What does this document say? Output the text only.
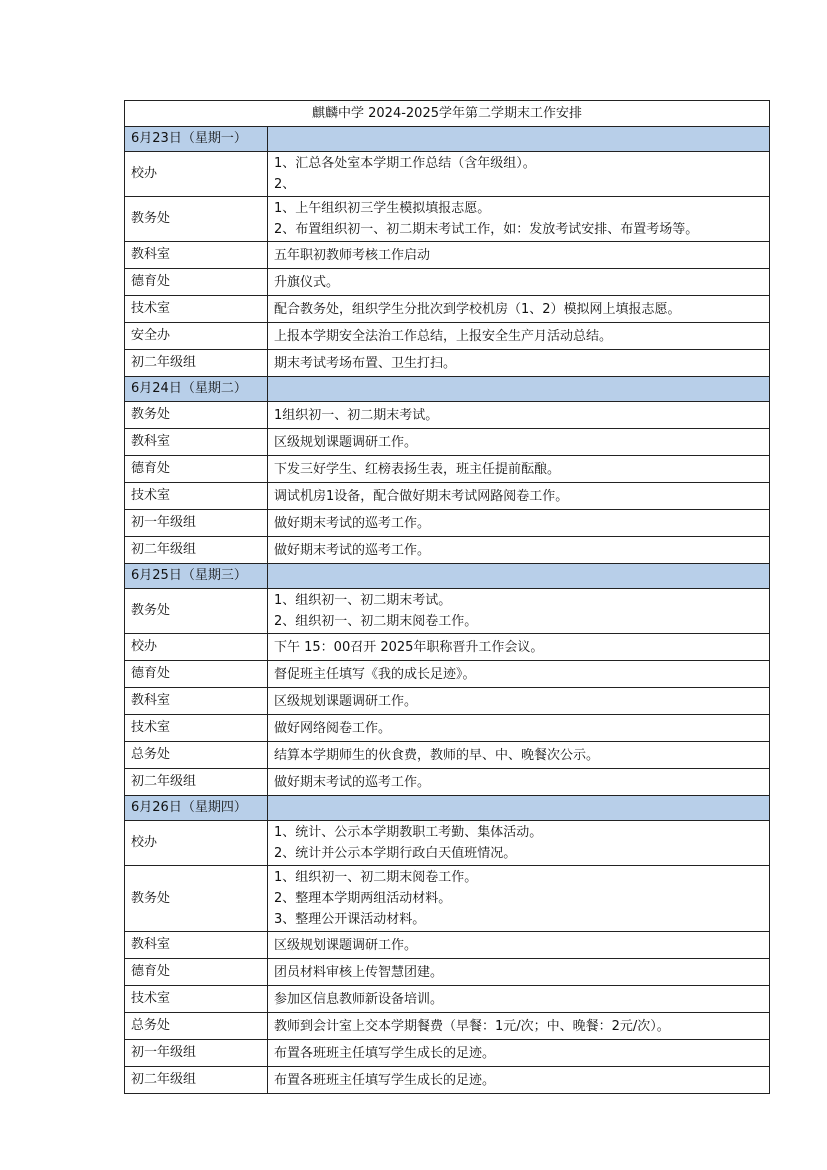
麒麟中学 2024-2025学年第二学期末工作安排	
6月23日（星期一）	
校办	1、汇总各处室本学期工作总结（含年级组）。
2、

教务处	1、上午组织初三学生模拟填报志愿。
2、布置组织初一、初二期末考试工作，如：发放考试安排、布置考场等。

教科室	五年职初教师考核工作启动

德育处	升旗仪式。

技术室	配合教务处，组织学生分批次到学校机房（1、2）模拟网上填报志愿。

安全办	上报本学期安全法治工作总结，上报安全生产月活动总结。

初二年级组	期末考试考场布置、卫生打扫。

6月24日（星期二）	
教务处	1组织初一、初二期末考试。

教科室	区级规划课题调研工作。

德育处	下发三好学生、红榜表扬生表，班主任提前酝酿。

技术室	调试机房1设备，配合做好期末考试网路阅卷工作。

初一年级组	做好期末考试的巡考工作。

初二年级组	做好期末考试的巡考工作。

6月25日（星期三）	
教务处	1、组织初一、初二期末考试。
2、组织初一、初二期末阅卷工作。

校办	下午 15：00召开 2025年职称晋升工作会议。

德育处	督促班主任填写《我的成长足迹》。

教科室	区级规划课题调研工作。

技术室	做好网络阅卷工作。

总务处	结算本学期师生的伙食费，教师的早、中、晚餐次公示。

初二年级组	做好期末考试的巡考工作。

6月26日（星期四）	
校办	1、统计、公示本学期教职工考勤、集体活动。
2、统计并公示本学期行政白天值班情况。

教务处	1、组织初一、初二期末阅卷工作。
2、整理本学期两组活动材料。
3、整理公开课活动材料。

教科室	区级规划课题调研工作。

德育处	团员材料审核上传智慧团建。

技术室	参加区信息教师新设备培训。

总务处	教师到会计室上交本学期餐费（早餐：1元/次；中、晚餐：2元/次）。

初一年级组	布置各班班主任填写学生成长的足迹。

初二年级组	布置各班班主任填写学生成长的足迹。
